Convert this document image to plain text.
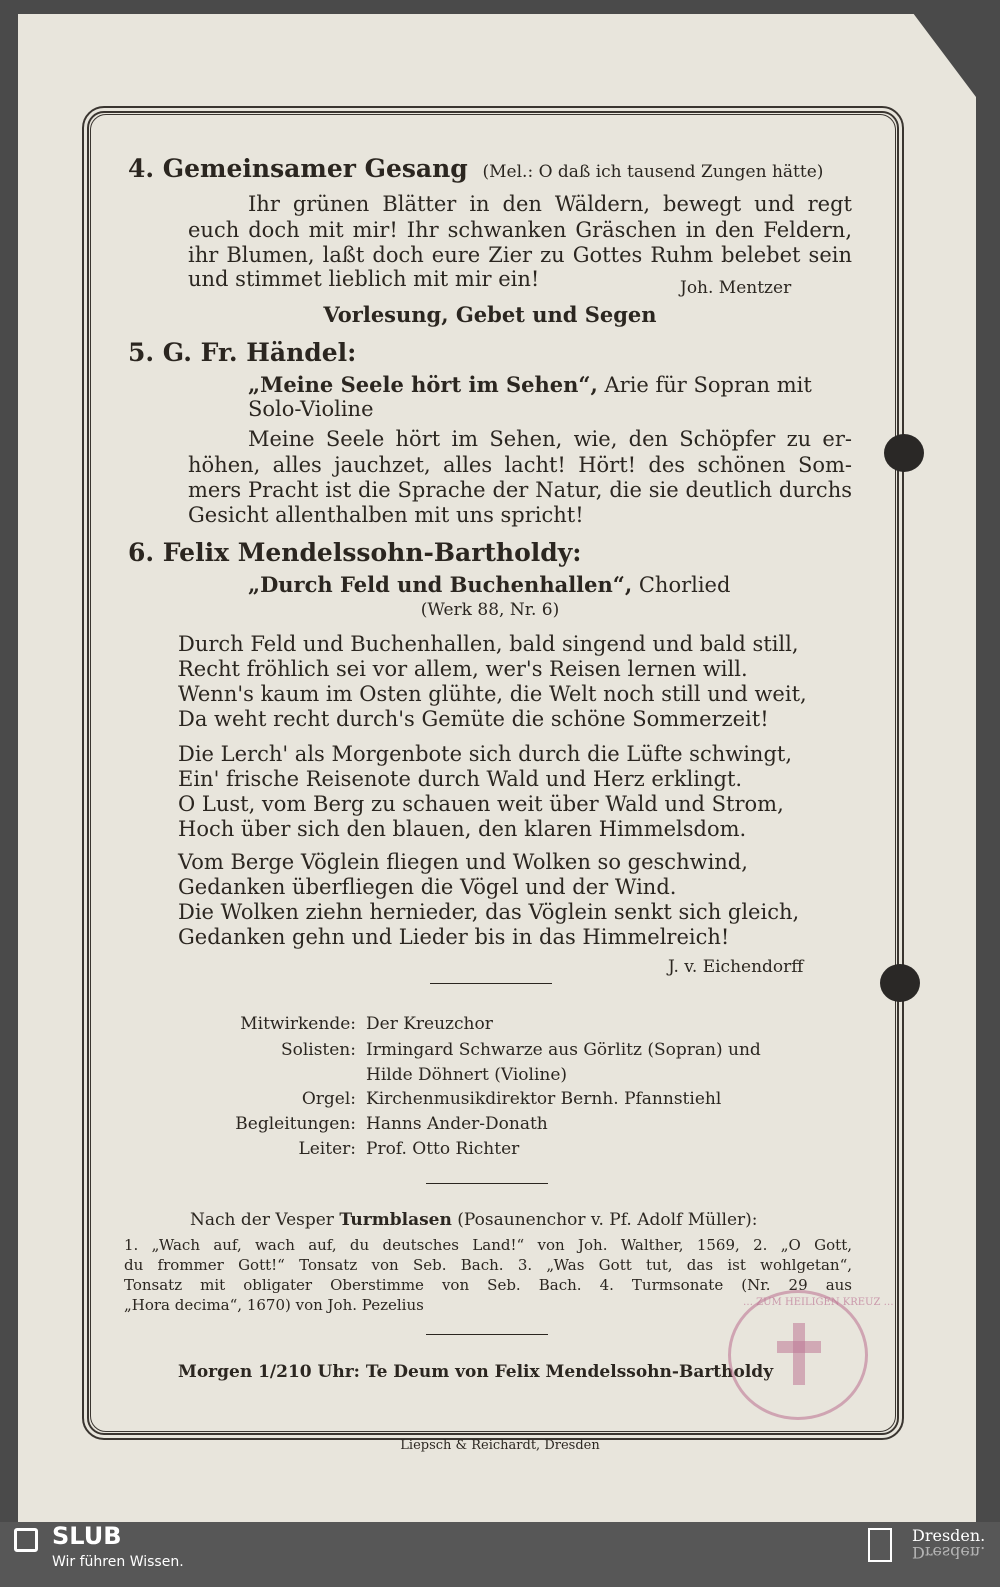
4. Gemeinsamer Gesang (Mel.: O daß ich tausend Zungen hätte)
Ihr grünen Blätter in den Wäldern, bewegt und regt
euch doch mit mir! Ihr schwanken Gräschen in den Feldern,
ihr Blumen, laßt doch eure Zier zu Gottes Ruhm belebet sein
und stimmet lieblich mit mir ein!	Joh. Mentzer
Vorlesung, Gebet und Segen
5. G. Fr. Händel:
„Meine Seele hört im Sehen“, Arie für Sopran mit
Solo-Violine
Meine Seele hört im Sehen, wie, den Schöpfer zu er-
höhen, alles jauchzet, alles lacht! Hört! des schönen Som-
mers Pracht ist die Sprache der Natur, die sie deutlich durchs
Gesicht allenthalben mit uns spricht!
6. Felix Mendelssohn-Bartholdy:
„Durch Feld und Buchenhallen“, Chorlied
(Werk 88, Nr. 6)
Durch Feld und Buchenhallen, bald singend und bald still,
Recht fröhlich sei vor allem, wer's Reisen lernen will.
Wenn's kaum im Osten glühte, die Welt noch still und weit,
Da weht recht durch's Gemüte die schöne Sommerzeit!
Die Lerch' als Morgenbote sich durch die Lüfte schwingt,
Ein' frische Reisenote durch Wald und Herz erklingt.
O Lust, vom Berg zu schauen weit über Wald und Strom,
Hoch über sich den blauen, den klaren Himmelsdom.
Vom Berge Vöglein fliegen und Wolken so geschwind,
Gedanken überfliegen die Vögel und der Wind.
Die Wolken ziehn hernieder, das Vöglein senkt sich gleich,
Gedanken gehn und Lieder bis in das Himmelreich!
J. v. Eichendorff
Mitwirkende: Der Kreuzchor
Solisten: Irmingard Schwarze aus Görlitz (Sopran) und
Hilde Döhnert (Violine)
Orgel: Kirchenmusikdirektor Bernh. Pfannstiehl
Begleitungen: Hanns Ander-Donath
Leiter: Prof. Otto Richter
Nach der Vesper Turmblasen (Posaunenchor v. Pf. Adolf Müller):
1. „Wach auf, wach auf, du deutsches Land!“ von Joh. Walther, 1569, 2. „O Gott,
du frommer Gott!“ Tonsatz von Seb. Bach. 3. „Was Gott tut, das ist wohlgetan“,
Tonsatz mit obligater Oberstimme von Seb. Bach. 4. Turmsonate (Nr. 29 aus
„Hora decima“, 1670) von Joh. Pezelius
Morgen 1/210 Uhr: Te Deum von Felix Mendelssohn-Bartholdy
… ZUM HEILIGEN KREUZ …
Liepsch & Reichardt, Dresden
SLUB
Wir führen Wissen.
Dresden.
Dresden.
